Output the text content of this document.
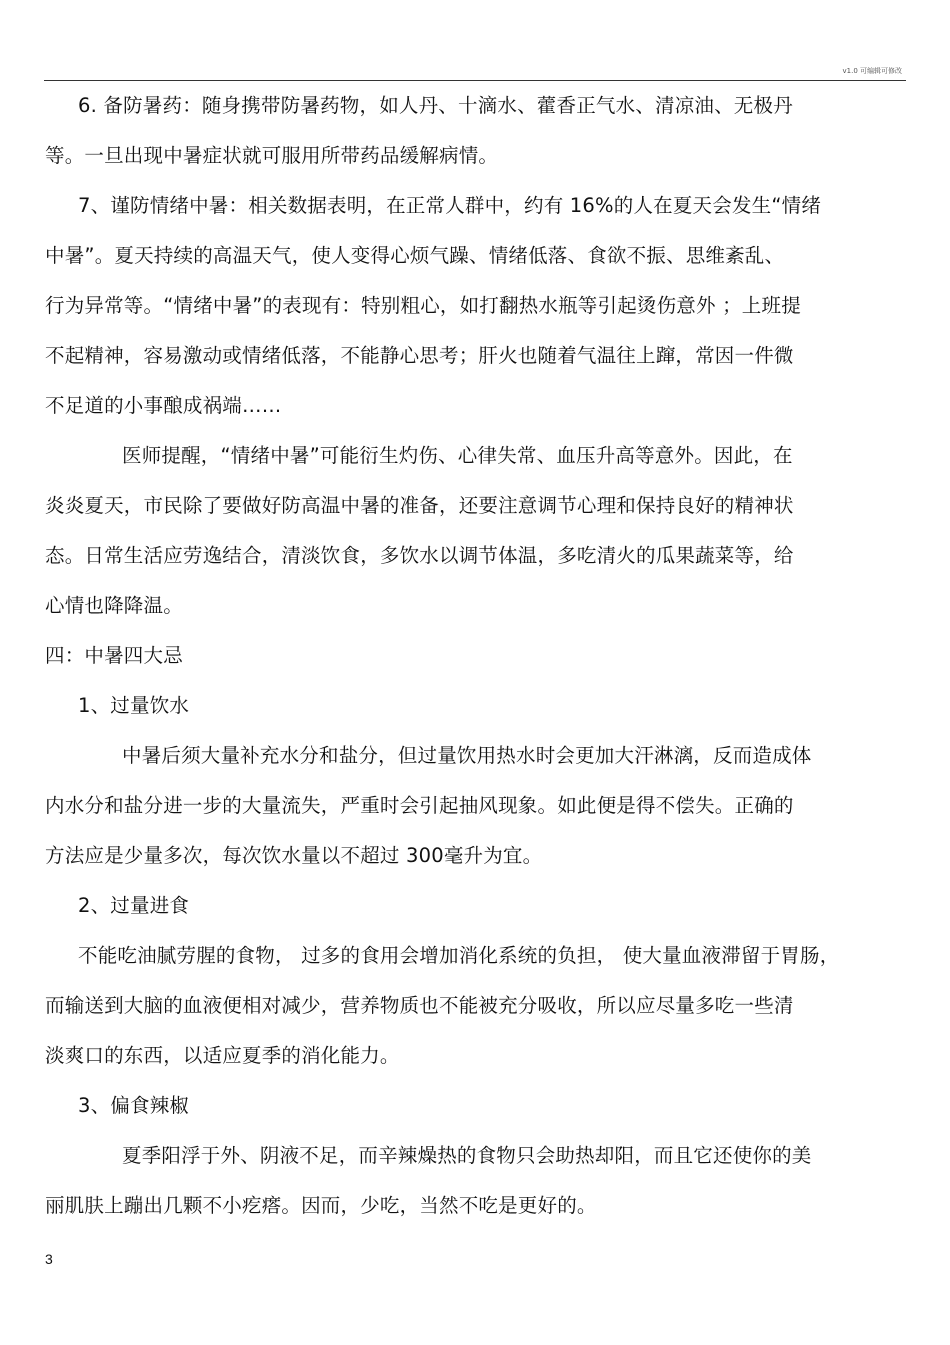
v1.0 可编辑可修改
6. 备防暑药：随身携带防暑药物，如人丹、十滴水、藿香正气水、清凉油、无极丹
等。一旦出现中暑症状就可服用所带药品缓解病情。
7、谨防情绪中暑：相关数据表明，在正常人群中，约有 16%的人在夏天会发生“情绪
中暑”。夏天持续的高温天气，使人变得心烦气躁、情绪低落、食欲不振、思维紊乱、
行为异常等。“情绪中暑”的表现有：特别粗心，如打翻热水瓶等引起烫伤意外 ；上班提
不起精神，容易激动或情绪低落，不能静心思考；肝火也随着气温往上蹿，常因一件微
不足道的小事酿成祸端……
医师提醒，“情绪中暑”可能衍生灼伤、心律失常、血压升高等意外。因此，在
炎炎夏天，市民除了要做好防高温中暑的准备，还要注意调节心理和保持良好的精神状
态。日常生活应劳逸结合，清淡饮食，多饮水以调节体温，多吃清火的瓜果蔬菜等，给
心情也降降温。
四：中暑四大忌
1、过量饮水
中暑后须大量补充水分和盐分，但过量饮用热水时会更加大汗淋漓，反而造成体
内水分和盐分进一步的大量流失，严重时会引起抽风现象。如此便是得不偿失。正确的
方法应是少量多次，每次饮水量以不超过 300毫升为宜。
2、过量进食
不能吃油腻劳腥的食物， 过多的食用会增加消化系统的负担， 使大量血液滞留于胃肠，
而输送到大脑的血液便相对减少，营养物质也不能被充分吸收，所以应尽量多吃一些清
淡爽口的东西，以适应夏季的消化能力。
3、偏食辣椒
夏季阳浮于外、阴液不足，而辛辣燥热的食物只会助热却阳，而且它还使你的美
丽肌肤上蹦出几颗不小疙瘩。因而，少吃，当然不吃是更好的。
3
